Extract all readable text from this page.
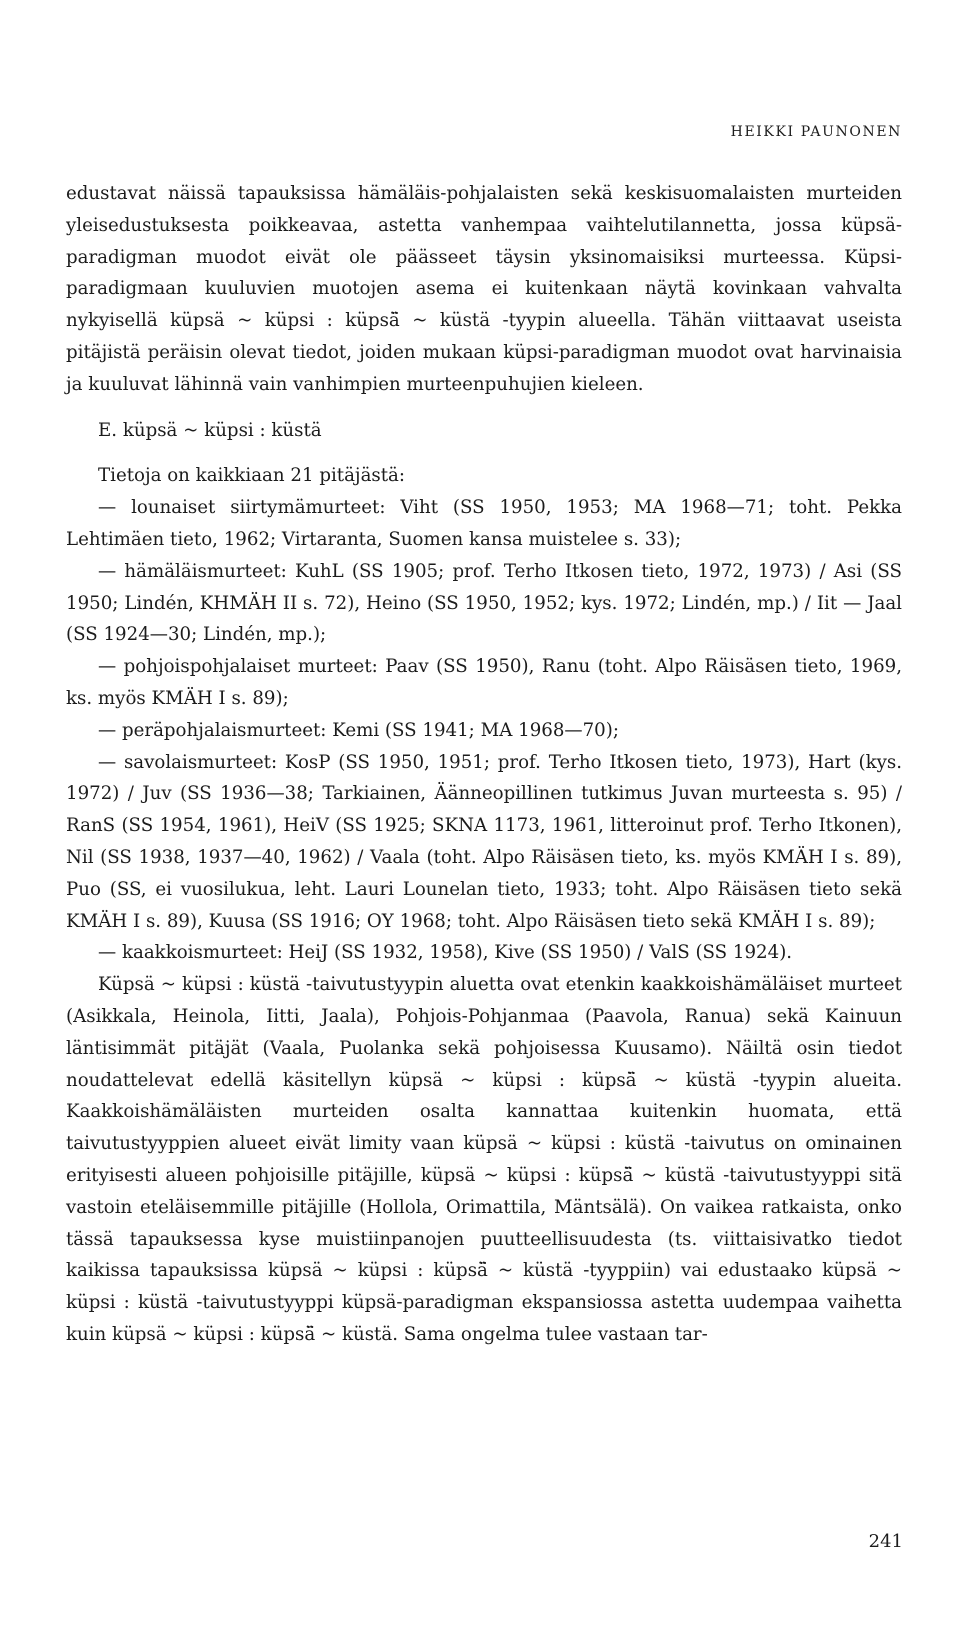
HEIKKI PAUNONEN

edustavat näissä tapauksissa hämäläis-pohjalaisten sekä keskisuomalaisten murteiden yleisedustuksesta poikkeavaa, astetta vanhempaa vaihtelutilannetta, jossa küpsä-paradigman muodot eivät ole päässeet täysin yksinomaisiksi murteessa. Küpsi-paradigmaan kuuluvien muotojen asema ei kuitenkaan näytä kovinkaan vahvalta nykyisellä küpsä ~ küpsi : küpsä̈ ~ küstä -tyypin alueella. Tähän viittaavat useista pitäjistä peräisin olevat tiedot, joiden mukaan küpsi-paradigman muodot ovat harvinaisia ja kuuluvat lähinnä vain vanhimpien murteenpuhujien kieleen.

E. küpsä ~ küpsi : küstä

Tietoja on kaikkiaan 21 pitäjästä:

— lounaiset siirtymämurteet: Viht (SS 1950, 1953; MA 1968—71; toht. Pekka Lehtimäen tieto, 1962; Virtaranta, Suomen kansa muistelee s. 33);

— hämäläismurteet: KuhL (SS 1905; prof. Terho Itkosen tieto, 1972, 1973) / Asi (SS 1950; Lindén, KHMÄH II s. 72), Heino (SS 1950, 1952; kys. 1972; Lindén, mp.) / Iit — Jaal (SS 1924—30; Lindén, mp.);

— pohjoispohjalaiset murteet: Paav (SS 1950), Ranu (toht. Alpo Räisäsen tieto, 1969, ks. myös KMÄH I s. 89);

— peräpohjalaismurteet: Kemi (SS 1941; MA 1968—70);

— savolaismurteet: KosP (SS 1950, 1951; prof. Terho Itkosen tieto, 1973), Hart (kys. 1972) / Juv (SS 1936—38; Tarkiainen, Äänneopillinen tutkimus Juvan murteesta s. 95) / RanS (SS 1954, 1961), HeiV (SS 1925; SKNA 1173, 1961, litteroinut prof. Terho Itkonen), Nil (SS 1938, 1937—40, 1962) / Vaala (toht. Alpo Räisäsen tieto, ks. myös KMÄH I s. 89), Puo (SS, ei vuosilukua, leht. Lauri Lounelan tieto, 1933; toht. Alpo Räisäsen tieto sekä KMÄH I s. 89), Kuusa (SS 1916; OY 1968; toht. Alpo Räisäsen tieto sekä KMÄH I s. 89);

— kaakkoismurteet: HeiJ (SS 1932, 1958), Kive (SS 1950) / ValS (SS 1924).

Küpsä ~ küpsi : küstä -taivutustyypin aluetta ovat etenkin kaakkoishämäläiset murteet (Asikkala, Heinola, Iitti, Jaala), Pohjois-Pohjanmaa (Paavola, Ranua) sekä Kainuun läntisimmät pitäjät (Vaala, Puolanka sekä pohjoisessa Kuusamo). Näiltä osin tiedot noudattelevat edellä käsitellyn küpsä ~ küpsi : küpsä̈ ~ küstä -tyypin alueita. Kaakkoishämäläisten murteiden osalta kannattaa kuitenkin huomata, että taivutustyyppien alueet eivät limity vaan küpsä ~ küpsi : küstä -taivutus on ominainen erityisesti alueen pohjoisille pitäjille, küpsä ~ küpsi : küpsä̈ ~ küstä -taivutustyyppi sitä vastoin eteläisemmille pitäjille (Hollola, Orimattila, Mäntsälä). On vaikea ratkaista, onko tässä tapauksessa kyse muistiinpanojen puutteellisuudesta (ts. viittaisivatko tiedot kaikissa tapauksissa küpsä ~ küpsi : küpsä̈ ~ küstä -tyyppiin) vai edustaako küpsä ~ küpsi : küstä -taivutustyyppi küpsä-paradigman ekspansiossa astetta uudempaa vaihetta kuin küpsä ~ küpsi : küpsä̈ ~ küstä. Sama ongelma tulee vastaan tar-

241
